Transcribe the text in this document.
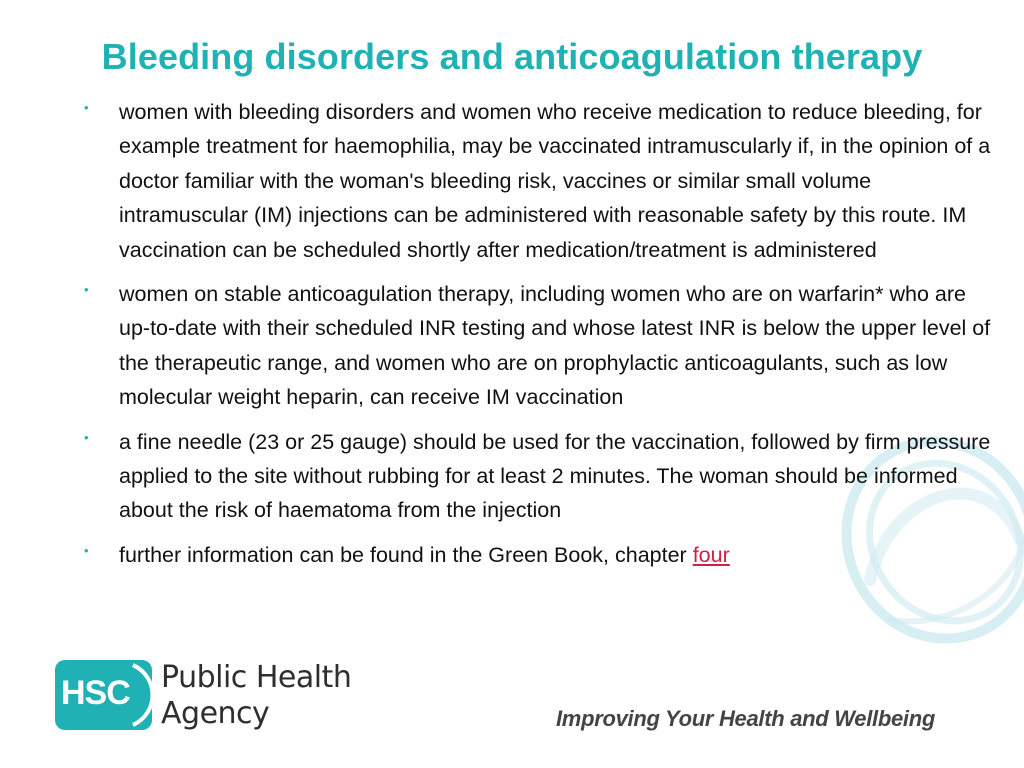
Bleeding disorders and anticoagulation therapy
• women with bleeding disorders and women who receive medication to reduce bleeding, for example treatment for haemophilia, may be vaccinated intramuscularly if, in the opinion of a doctor familiar with the woman's bleeding risk, vaccines or similar small volume intramuscular (IM) injections can be administered with reasonable safety by this route. IM vaccination can be scheduled shortly after medication/treatment is administered
• women on stable anticoagulation therapy, including women who are on warfarin* who are up-to-date with their scheduled INR testing and whose latest INR is below the upper level of the therapeutic range, and women who are on prophylactic anticoagulants, such as low molecular weight heparin, can receive IM vaccination
• a fine needle (23 or 25 gauge) should be used for the vaccination, followed by firm pressure applied to the site without rubbing for at least 2 minutes. The woman should be informed about the risk of haematoma from the injection
• further information can be found in the Green Book, chapter four
HSC Public Health
Agency	Improving Your Health and Wellbeing
